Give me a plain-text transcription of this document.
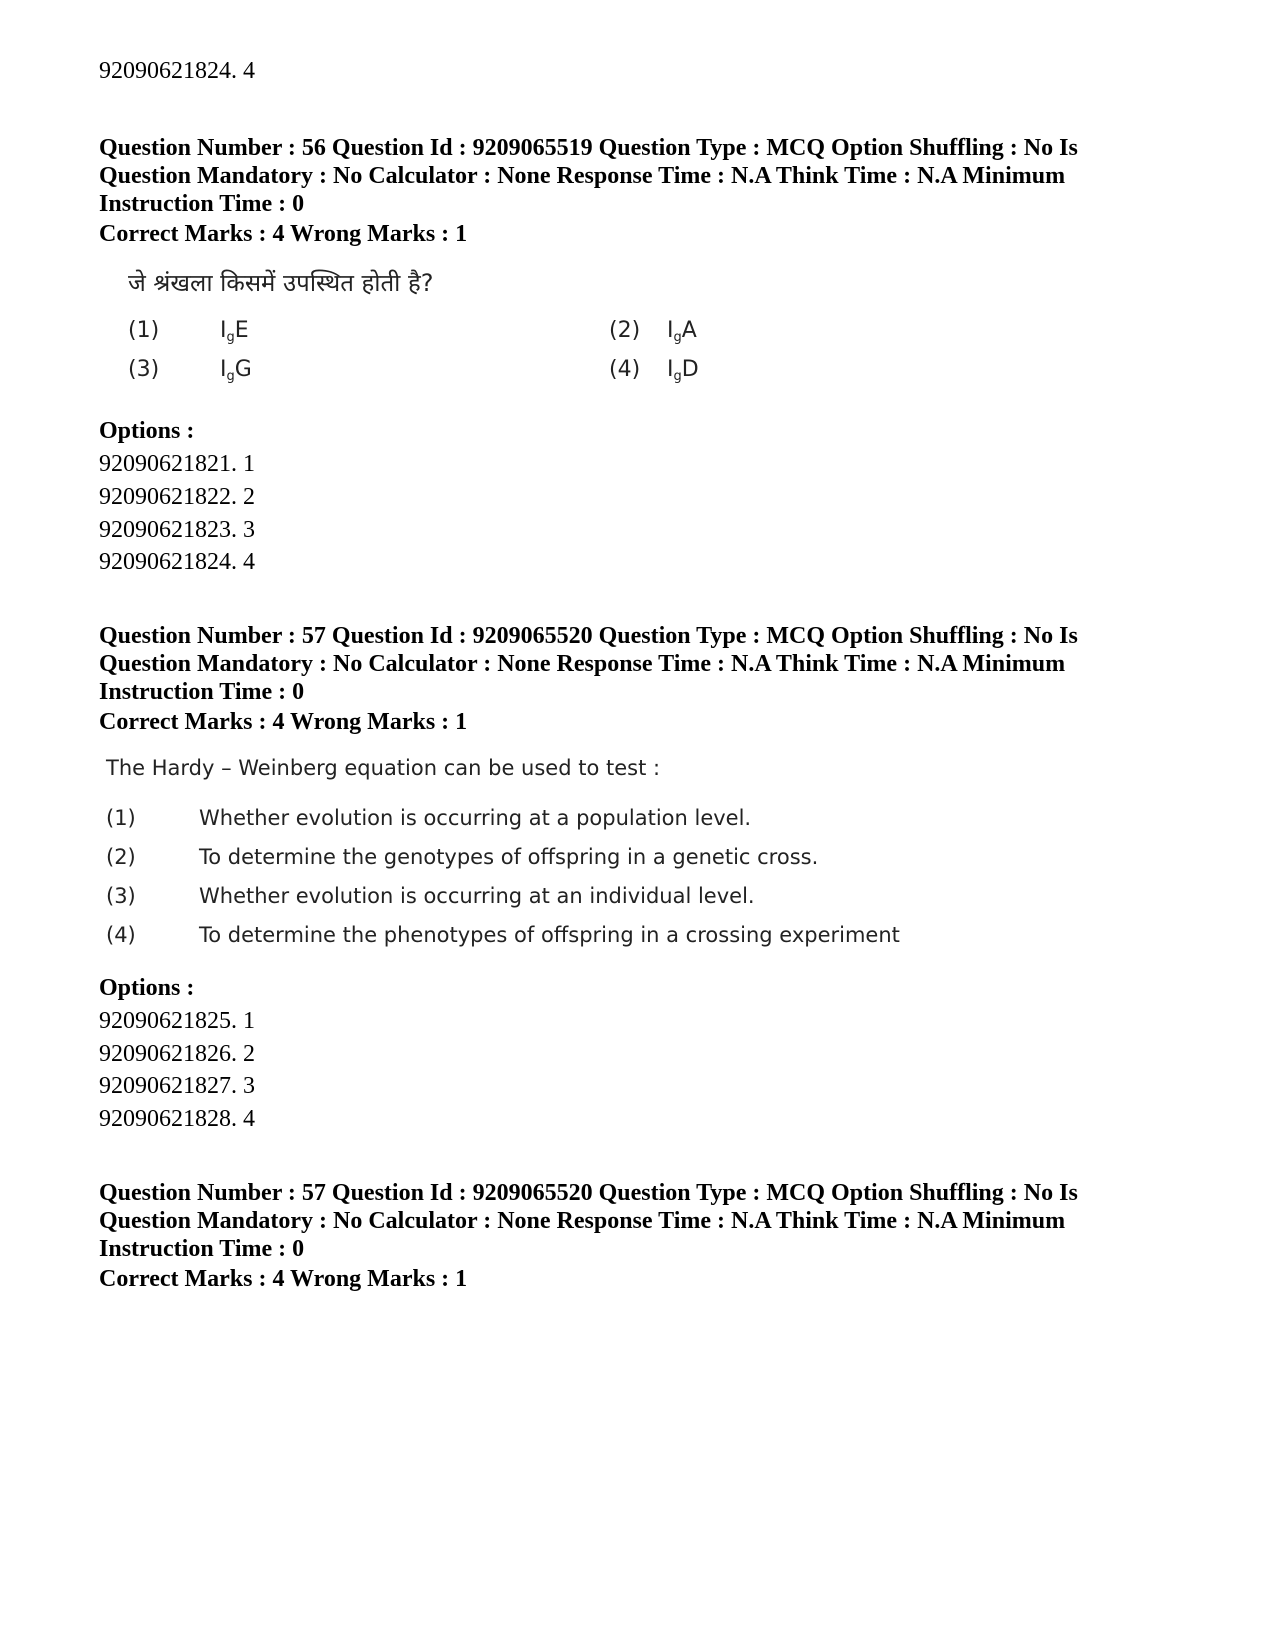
92090621824. 4
Question Number : 56 Question Id : 9209065519 Question Type : MCQ Option Shuffling : No Is Question Mandatory : No Calculator : None Response Time : N.A Think Time : N.A Minimum Instruction Time : 0
Correct Marks : 4 Wrong Marks : 1
जे श्रंखला किसमें उपस्थित होती है?
(1)	$I_gE$	(2) $I_gA$
(3)	$I_gG$	(4) $I_gD$
Options :
92090621821. 1
92090621822. 2
92090621823. 3
92090621824. 4
Question Number : 57 Question Id : 9209065520 Question Type : MCQ Option Shuffling : No Is Question Mandatory : No Calculator : None Response Time : N.A Think Time : N.A Minimum Instruction Time : 0
Correct Marks : 4 Wrong Marks : 1
The Hardy – Weinberg equation can be used to test :
(1)	Whether evolution is occurring at a population level.
(2)	To determine the genotypes of offspring in a genetic cross.
(3)	Whether evolution is occurring at an individual level.
(4)	To determine the phenotypes of offspring in a crossing experiment
Options :
92090621825. 1
92090621826. 2
92090621827. 3
92090621828. 4
Question Number : 57 Question Id : 9209065520 Question Type : MCQ Option Shuffling : No Is Question Mandatory : No Calculator : None Response Time : N.A Think Time : N.A Minimum Instruction Time : 0
Correct Marks : 4 Wrong Marks : 1
